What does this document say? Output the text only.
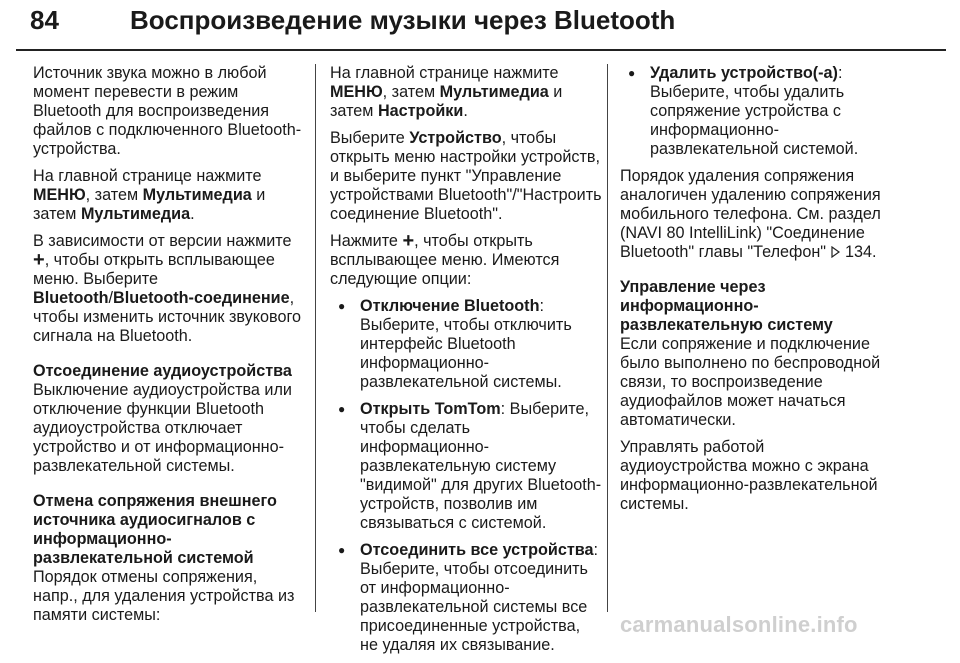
84	Воспроизведение музыки через Bluetooth

Источник звука можно в любой момент перевести в режим Bluetooth для воспроизведения файлов с подключенного Bluetooth-устройства.

На главной странице нажмите МЕНЮ, затем Мультимедиа и затем Мультимедиа.

В зависимости от версии нажмите +, чтобы открыть всплывающее меню. Выберите Bluetooth/Bluetooth-соединение, чтобы изменить источник звукового сигнала на Bluetooth.

Отсоединение аудиоустройства

Выключение аудиоустройства или отключение функции Bluetooth аудиоустройства отключает устройство и от информационно-развлекательной системы.

Отмена сопряжения внешнего источника аудиосигналов с информационно-развлекательной системой

Порядок отмены сопряжения, напр., для удаления устройства из памяти системы:

На главной странице нажмите МЕНЮ, затем Мультимедиа и затем Настройки.

Выберите Устройство, чтобы открыть меню настройки устройств, и выберите пункт "Управление устройствами Bluetooth"/"Настроить соединение Bluetooth".

Нажмите +, чтобы открыть всплывающее меню. Имеются следующие опции:

● Отключение Bluetooth: Выберите, чтобы отключить интерфейс Bluetooth информационно-развлекательной системы.
● Открыть TomTom: Выберите, чтобы сделать информационно-развлекательную систему "видимой" для других Bluetooth-устройств, позволив им связываться с системой.
● Отсоединить все устройства: Выберите, чтобы отсоединить от информационно-развлекательной системы все присоединенные устройства, не удаляя их связывание.
● Удалить устройство(-а): Выберите, чтобы удалить сопряжение устройства с информационно-развлекательной системой.

Порядок удаления сопряжения аналогичен удалению сопряжения мобильного телефона. См. раздел (NAVI 80 IntelliLink) "Соединение Bluetooth" главы "Телефон"  134.

Управление через информационно-развлекательную систему

Если сопряжение и подключение было выполнено по беспроводной связи, то воспроизведение аудиофайлов может начаться автоматически.

Управлять работой аудиоустройства можно с экрана информационно-развлекательной системы.

carmanualsonline.info
